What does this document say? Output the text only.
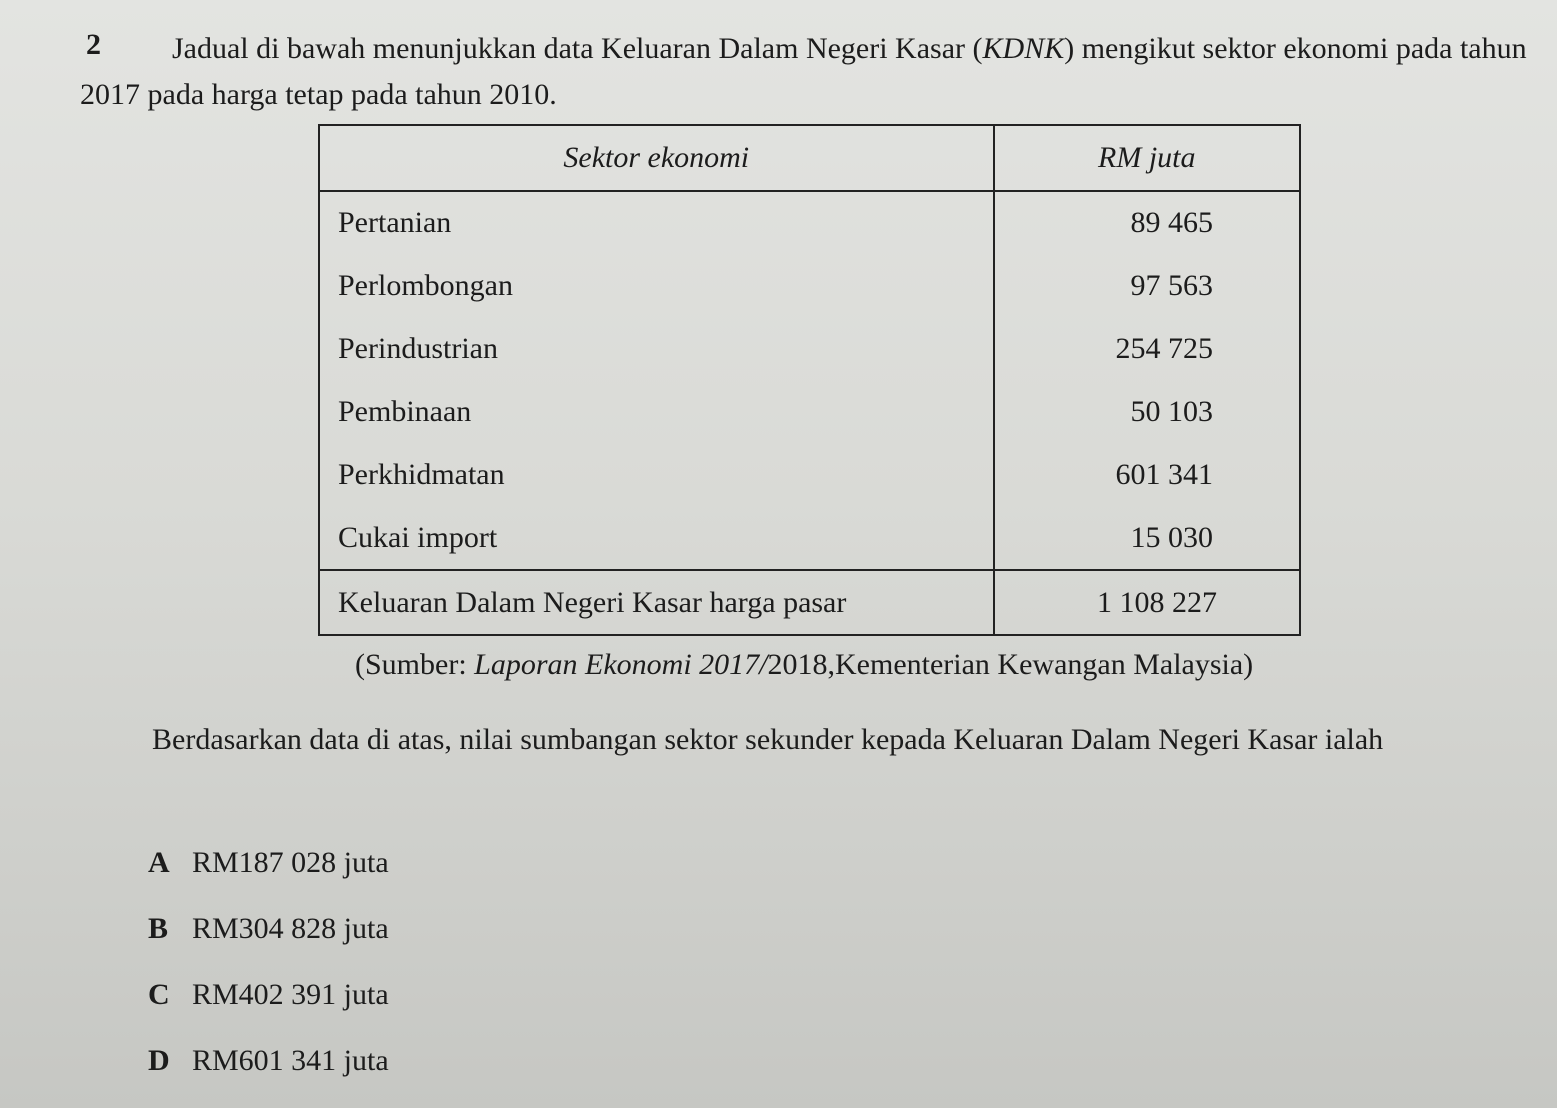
2	Jadual di bawah menunjukkan data Keluaran Dalam Negeri Kasar (KDNK) mengikut sektor ekonomi pada tahun 2017 pada harga tetap pada tahun 2010.
Sektor ekonomi	RM juta
Pertanian	89 465
Perlombongan	97 563
Perindustrian	254 725
Pembinaan	50 103
Perkhidmatan	601 341
Cukai import	15 030
Keluaran Dalam Negeri Kasar harga pasar	1 108 227
(Sumber: Laporan Ekonomi 2017/2018,Kementerian Kewangan Malaysia)
Berdasarkan data di atas, nilai sumbangan sektor sekunder kepada Keluaran Dalam Negeri Kasar ialah
A RM187 028 juta
B RM304 828 juta
C RM402 391 juta
D RM601 341 juta
